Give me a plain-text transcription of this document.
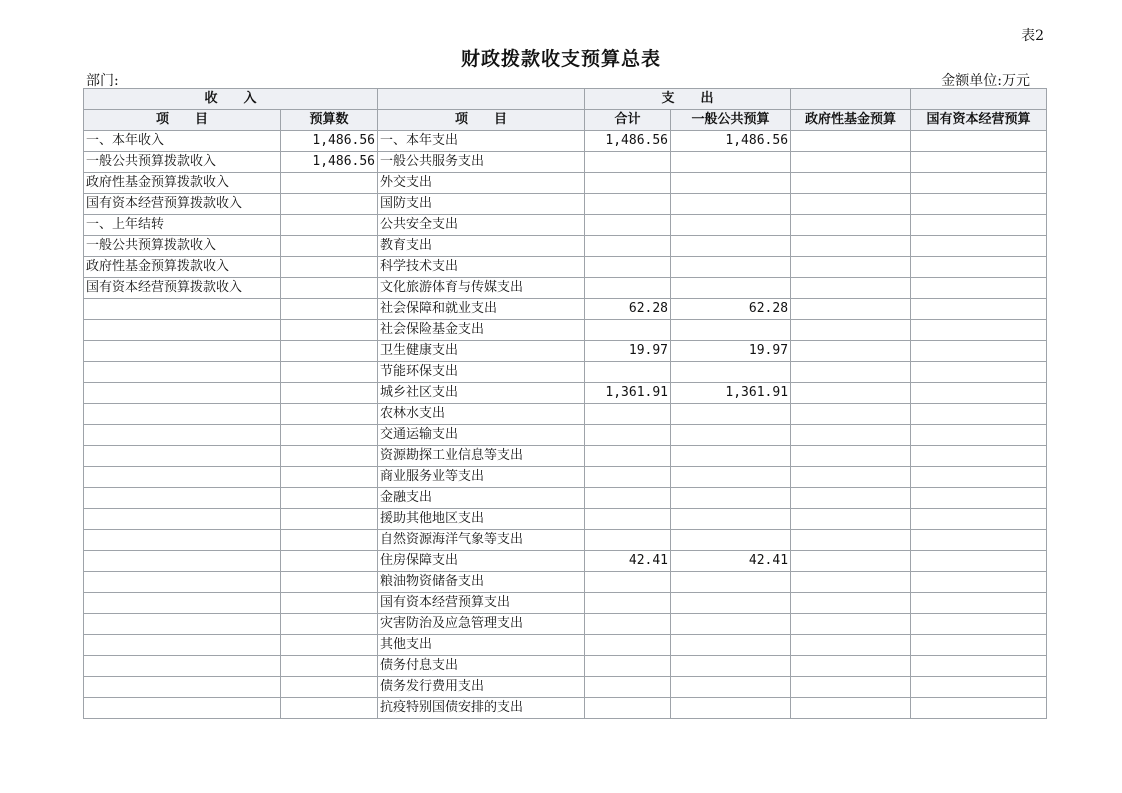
表2
财政拨款收支预算总表
部门:	金额单位:万元
收　　入			支　　出			
项　　目	预算数	项　　目	合计	一般公共预算	政府性基金预算	国有资本经营预算
一、本年收入	1,486.56	一、本年支出	1,486.56	1,486.56		
一般公共预算拨款收入	1,486.56	一般公共服务支出				
政府性基金预算拨款收入		外交支出				
国有资本经营预算拨款收入		国防支出				
一、上年结转		公共安全支出				
一般公共预算拨款收入		教育支出				
政府性基金预算拨款收入		科学技术支出				
国有资本经营预算拨款收入		文化旅游体育与传媒支出				
		社会保障和就业支出	62.28	62.28		
		社会保险基金支出				
		卫生健康支出	19.97	19.97		
		节能环保支出				
		城乡社区支出	1,361.91	1,361.91		
		农林水支出				
		交通运输支出				
		资源勘探工业信息等支出				
		商业服务业等支出				
		金融支出				
		援助其他地区支出				
		自然资源海洋气象等支出				
		住房保障支出	42.41	42.41		
		粮油物资储备支出				
		国有资本经营预算支出				
		灾害防治及应急管理支出				
		其他支出				
		债务付息支出				
		债务发行费用支出				
		抗疫特别国债安排的支出				
